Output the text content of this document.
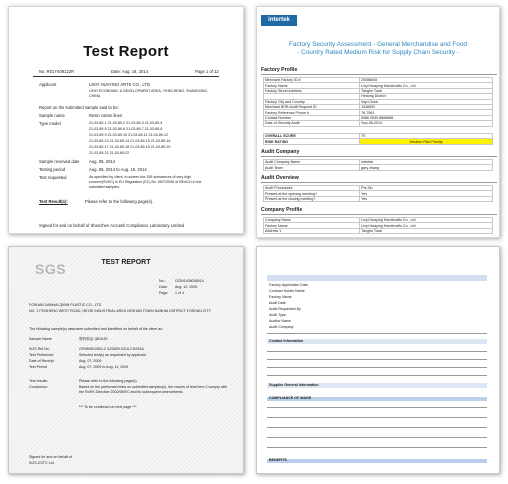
Test Report
No. R01Y408122R	Date: Aug. 18, 2014	Page 1 of 12
Applicant	LINYI HUAYING ARTS CO., LTD.
LINYI ECONOMIC & DEVELOPMENT AREA, YIHECHENG, SHANDONG, CHINA
Report on the submitted sample said to be:
Sample name	Resin cotton linen
Type model	21-03-89-1 21-03-89-2 21-03-89-3 21-03-89-4
21-03-89-5 21-03-89-6 21-03-89-7 21-03-89-8
21-03-89-9 21-03-89-10 21-03-89-11 21-03-89-12
21-03-89-13 21-03-89-14 21-03-89-15 21-03-89-16
21-03-89-17 21-03-89-18 21-03-89-19 21-03-89-20
21-03-89-21 21-03-89-22
Sample received date Aug. 06, 2014
Testing period	Aug. 06, 2014 to Aug. 15, 2014
Test requested	As specified by client, to screen the 155 substances of very high concern(SVHC) in EU Regulation (EC) No 1907/2006 of REACH in the submitted samples.
Test Result(s):	Please refer to the following page(s).
Signed for and on behalf of Shenzhen Accutek Compliance Laboratory Limited
intertek
Factory Security Assessment - General Merchandise and Food
- Country Rated Medium Risk for Supply Chain Security -
Factory Profile
Merchant Factory ID #	20086845
Factory Name	Linyi Huaying Handicrafts Co., Ltd
Factory Street Address	Tanghe Town
	Hedong District
Factory City and Country	linyi China
Merchant BOB Audit Request ID	1346692
Factory Reference Phone #	76-7561
Contact Number	0086 0539 8888888
Date of Security Audit	Sep-06-2014
OVERALL SCORE	79
RISK RATING	Medium Risk Priority
Audit Company
Audit Company Name	Intertek
Audit Team	gary zhang
Audit Overview
Audit Procedures	Pre-No
Present at the opening meeting?	Yes
Present at the closing meeting?	Yes
Company Profile
Company Name	Linyi Huaying Handicrafts Co., Ltd
Factory Name	Linyi Huaying Handicrafts Co., Ltd
Address 1	Tanghe Town
SGS	TEST REPORT
No.:	GZIN1408036514
Date: Aug. 12, 2009
Page: 1 of 4
FOSHAN NANHAI QIBIN PLASTIC CO., LTD
NO. 1 FEISHENG WEST ROAD, HEXIE INDUSTRIAL AREA HESHAN TOWN NANHAI DISTRICT FOSHAN CITY
The following sample(s) was/were submitted and identified on behalf of the client as:
Sample Name	塑料制品 QB0120
SGS Ref No.	GP0809010B0-2 GZ0809-0310-CH243A
Test Performed	Selected test(s) as requested by applicant
Date of Receipt	Aug. 07, 2009
Test Period	Aug. 07, 2009 to Aug. 11, 2009
Test results:	Please refer to the following page(s).
Conclusion:	Based on the performed tests on submitted samples(s), the results of lead item 2 comply with the RoHS Directive 2002/95/EC and its subsequent amendments.
*** To be continued on next page ***
Signed for and on behalf of
SGS-CSTC Ltd.
Factory Application Date
Contract Holder Name
Factory Name
Audit Date
Audit Requested By
Audit Type
Auditor Name
Audit Company
Contact Information
Supplier General Information
COMPLIANCE OF WAGE
BENEFITS
